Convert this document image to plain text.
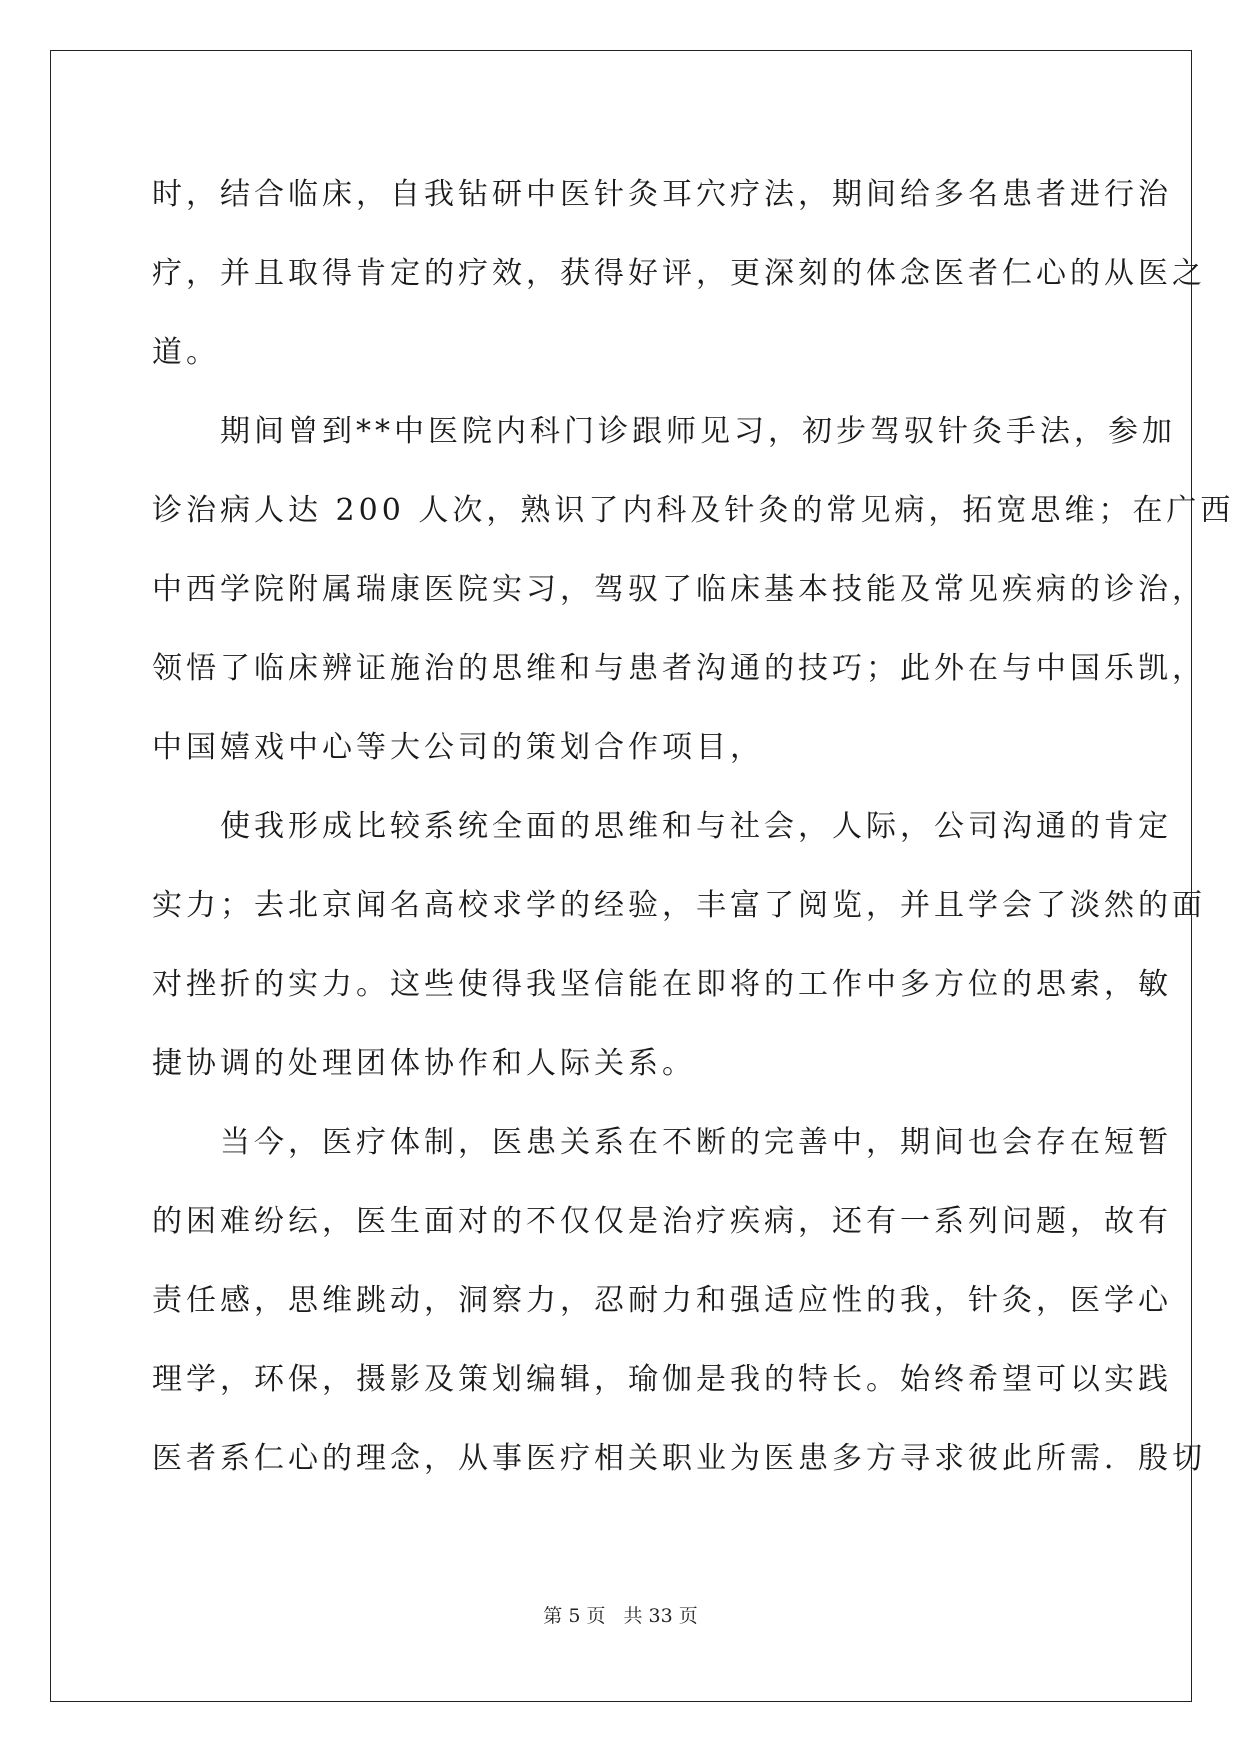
时，结合临床，自我钻研中医针灸耳穴疗法，期间给多名患者进行治
疗，并且取得肯定的疗效，获得好评，更深刻的体念医者仁心的从医之
道。
　　期间曾到**中医院内科门诊跟师见习，初步驾驭针灸手法，参加
诊治病人达 200 人次，熟识了内科及针灸的常见病，拓宽思维；在广西
中西学院附属瑞康医院实习，驾驭了临床基本技能及常见疾病的诊治，
领悟了临床辨证施治的思维和与患者沟通的技巧；此外在与中国乐凯，
中国嬉戏中心等大公司的策划合作项目，
　　使我形成比较系统全面的思维和与社会，人际，公司沟通的肯定
实力；去北京闻名高校求学的经验，丰富了阅览，并且学会了淡然的面
对挫折的实力。这些使得我坚信能在即将的工作中多方位的思索，敏
捷协调的处理团体协作和人际关系。
　　当今，医疗体制，医患关系在不断的完善中，期间也会存在短暂
的困难纷纭，医生面对的不仅仅是治疗疾病，还有一系列问题，故有
责任感，思维跳动，洞察力，忍耐力和强适应性的我，针灸，医学心
理学，环保，摄影及策划编辑，瑜伽是我的特长。始终希望可以实践
医者系仁心的理念，从事医疗相关职业为医患多方寻求彼此所需．殷切
第 5 页 共 33 页
